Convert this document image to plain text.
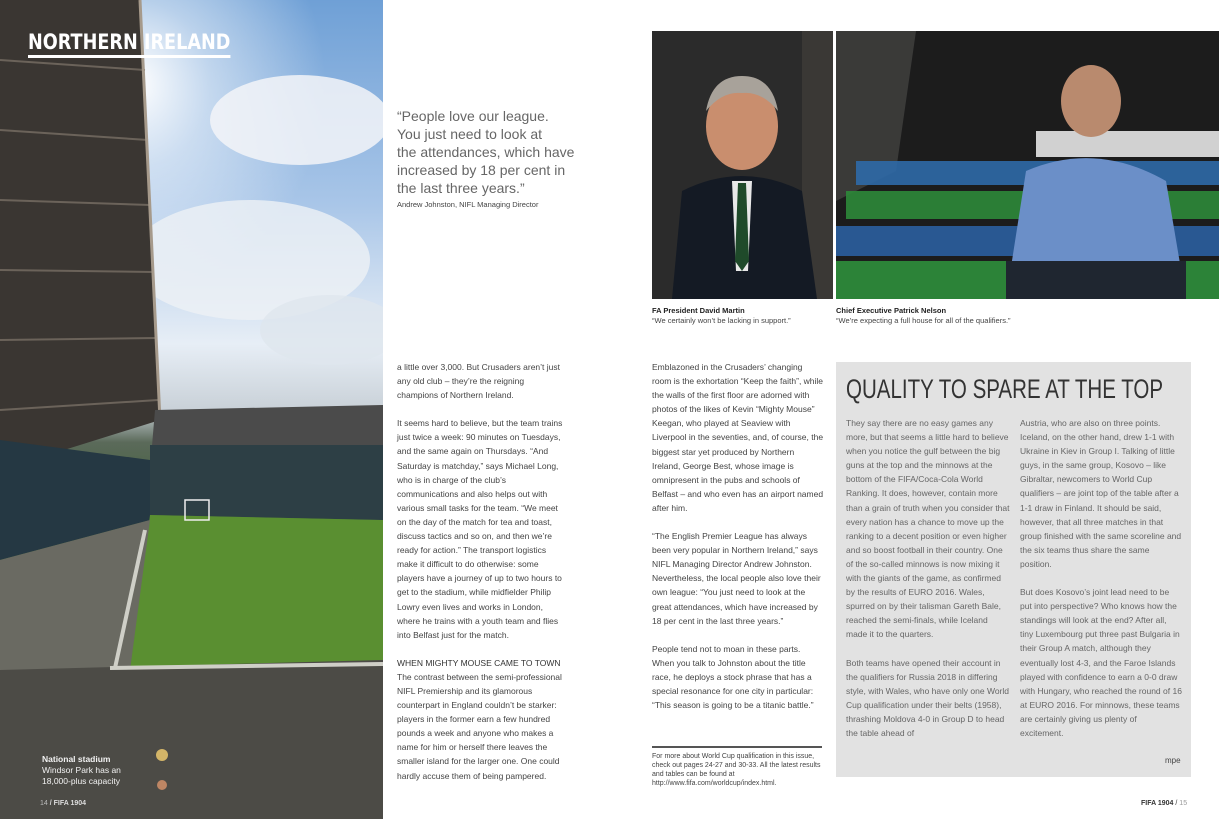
NORTHERN IRELAND
National stadium
Windsor Park has an
18,000-plus capacity
14 / FIFA 1904
“People love our league.
You just need to look at
the attendances, which have
increased by 18 per cent in
the last three years.”
Andrew Johnston, NIFL Managing Director

a little over 3,000. But Crusaders aren’t just any old club – they’re the reigning champions of Northern Ireland.

It seems hard to believe, but the team trains just twice a week: 90 minutes on Tuesdays, and the same again on Thursdays. “And Saturday is matchday,” says Michael Long, who is in charge of the club’s communications and also helps out with various small tasks for the team. “We meet on the day of the match for tea and toast, discuss tactics and so on, and then we’re ready for action.” The transport logistics make it difficult to do otherwise: some players have a journey of up to two hours to get to the stadium, while midfielder Philip Lowry even lives and works in London, where he trains with a youth team and flies into Belfast just for the match.

WHEN MIGHTY MOUSE CAME TO TOWN

The contrast between the semi-professional NIFL Premiership and its glamorous counterpart in England couldn’t be starker: players in the former earn a few hundred pounds a week and anyone who makes a name for him or herself there leaves the smaller island for the larger one. One could hardly accuse them of being pampered.

Emblazoned in the Crusaders’ changing room is the exhortation “Keep the faith”, while the walls of the first floor are adorned with photos of the likes of Kevin “Mighty Mouse” Keegan, who played at Seaview with Liverpool in the seventies, and, of course, the biggest star yet produced by Northern Ireland, George Best, whose image is omnipresent in the pubs and schools of Belfast – and who even has an airport named after him.

“The English Premier League has always been very popular in Northern Ireland,” says NIFL Managing Director Andrew Johnston. Nevertheless, the local people also love their own league: “You just need to look at the great attendances, which have increased by 18 per cent in the last three years.”

People tend not to moan in these parts. When you talk to Johnston about the title race, he deploys a stock phrase that has a special resonance for one city in particular: “This season is going to be a titanic battle.”

For more about World Cup qualification in this issue, check out pages 24-27 and 30-33. All the latest results and tables can be found at http://www.fifa.com/worldcup/index.html.
FA President David Martin
“We certainly won’t be lacking in support.”
Chief Executive Patrick Nelson
“We’re expecting a full house for all of the qualifiers.”
QUALITY TO SPARE AT THE TOP

They say there are no easy games any more, but that seems a little hard to believe when you notice the gulf between the big guns at the top and the minnows at the bottom of the FIFA/Coca-Cola World Ranking. It does, however, contain more than a grain of truth when you consider that every nation has a chance to move up the ranking to a decent position or even higher and so boost football in their country. One of the so-called minnows is now mixing it with the giants of the game, as confirmed by the results of EURO 2016. Wales, spurred on by their talisman Gareth Bale, reached the semi-finals, while Iceland made it to the quarters.

Both teams have opened their account in the qualifiers for Russia 2018 in differing style, with Wales, who have only one World Cup qualification under their belts (1958), thrashing Moldova 4-0 in Group D to head the table ahead of

Austria, who are also on three points. Iceland, on the other hand, drew 1-1 with Ukraine in Kiev in Group I. Talking of little guys, in the same group, Kosovo – like Gibraltar, newcomers to World Cup qualifiers – are joint top of the table after a 1-1 draw in Finland. It should be said, however, that all three matches in that group finished with the same scoreline and the six teams thus share the same position.

But does Kosovo’s joint lead need to be put into perspective? Who knows how the standings will look at the end? After all, tiny Luxembourg put three past Bulgaria in their Group A match, although they eventually lost 4-3, and the Faroe Islands played with confidence to earn a 0-0 draw with Hungary, who reached the round of 16 at EURO 2016. For minnows, these teams are certainly giving us plenty of excitement.

mpe
FIFA 1904 / 15
